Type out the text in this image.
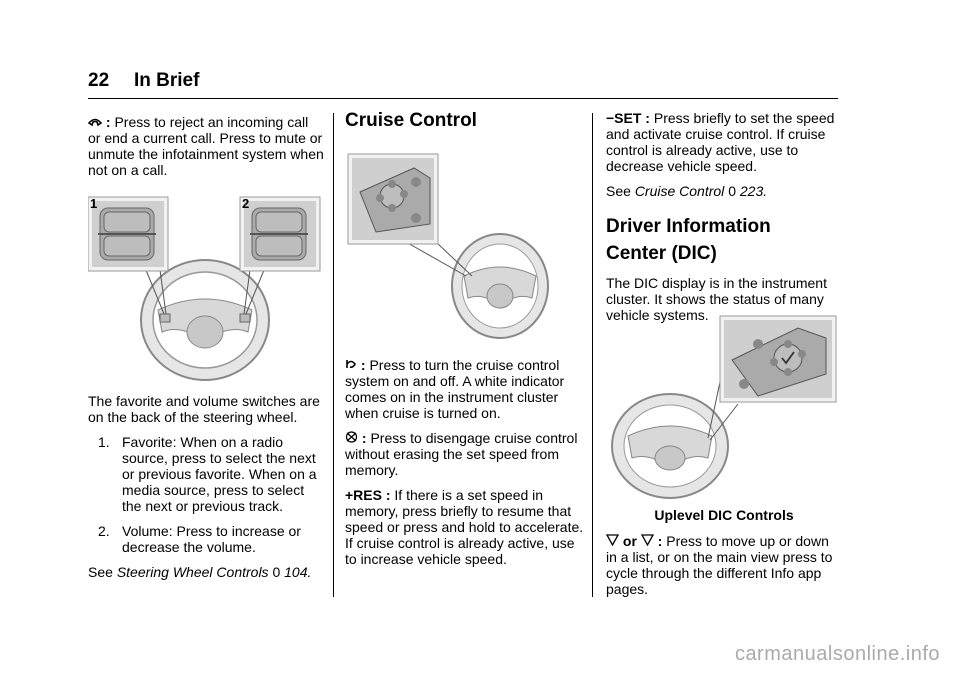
22 In Brief

: Press to reject an incoming call or end a current call. Press to mute or unmute the infotainment system when not on a call.

1	2

The favorite and volume switches are on the back of the steering wheel.

1. Favorite: When on a radio source, press to select the next or previous favorite. When on a media source, press to select the next or previous track.
2. Volume: Press to increase or decrease the volume.

See Steering Wheel Controls 0 104.

Cruise Control

: Press to turn the cruise control system on and off. A white indicator comes on in the instrument cluster when cruise is turned on.

: Press to disengage cruise control without erasing the set speed from memory.

+RES : If there is a set speed in memory, press briefly to resume that speed or press and hold to accelerate. If cruise control is already active, use to increase vehicle speed.

−SET : Press briefly to set the speed and activate cruise control. If cruise control is already active, use to decrease vehicle speed.

See Cruise Control 0 223.

Driver Information
Center (DIC)

The DIC display is in the instrument cluster. It shows the status of many vehicle systems.

Uplevel DIC Controls

or : Press to move up or down in a list, or on the main view press to cycle through the different Info app pages.

carmanualsonline.info
